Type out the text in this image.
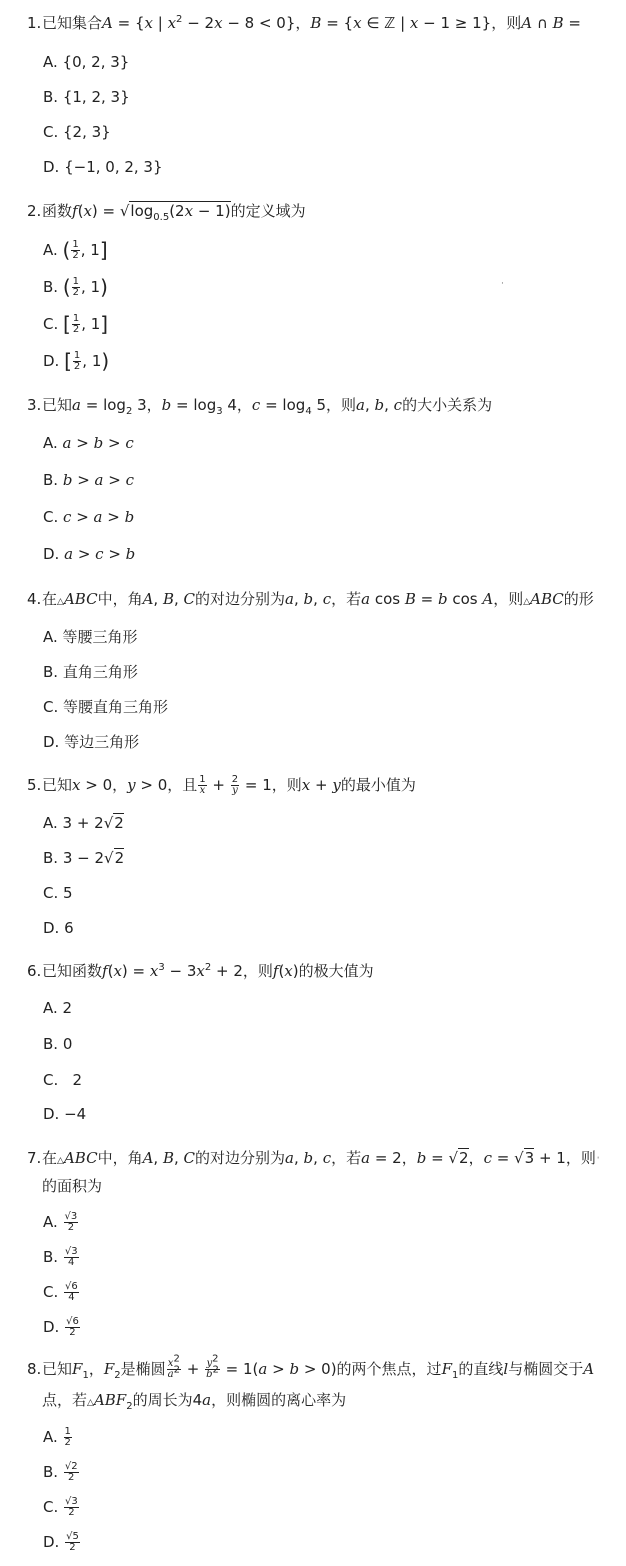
1.已知集合A = {x | $x^2 - 2x - 8 < 0$}，B = {x ∈ ℤ | x − 1 ≥ 1}，则A ∩ B =
A. {0, 2, 3}
B. {1, 2, 3}
C. {2, 3}
D. {−1, 0, 2, 3}
2.函数$f(x) = √\log_{0.5}(2x - 1)$的定义域为
A. ( $\frac{1}{2}$ , 1]
B. ( $\frac{1}{2}$ , 1)
C. [ $\frac{1}{2}$ , 1]
D. [ $\frac{1}{2}$ , 1)
·
3.已知$a = \log_2 3$，$b = \log_3 4$，$c = \log_4 5$，则a, b, c的大小关系为
A. a > b > c
B. b > a > c
C. c > a > b
D. a > c > b
4.在△ABC中，角A, B, C的对边分别为a, b, c，若a cos B = b cos A，则△ABC的形
A. 等腰三角形
B. 直角三角形
C. 等腰直角三角形
D. 等边三角形
5.已知x > 0，y > 0，且 $\frac{1}{x} + \frac{2}{y} = 1$，则x + y的最小值为
A. 3 + 2√2
B. 3 − 2√2
C. 5
D. 6
6.已知函数$f(x) = x^3 - 3x^2 + 2$，则f(x)的极大值为
A. 2
B. 0
C.   2
D. −4
7.在△ABC中，角A, B, C的对边分别为a, b, c，若a = 2，b = √2，c = √3 + 1，则·
的面积为
A. $\frac{√3}{2}$
B. $\frac{√3}{4}$
C. $\frac{√6}{4}$
D. $\frac{√6}{2}$
8.已知$F_1$，$F_2$是椭圆 $\frac{x^2}{a^2} + \frac{y^2}{b^2} = 1(a > b > 0)$的两个焦点，过$F_1$的直线l与椭圆交于A
点，若$\triangle ABF_2$的周长为4a，则椭圆的离心率为
A. $\frac{1}{2}$
B. $\frac{√2}{2}$
C. $\frac{√3}{2}$
D. $\frac{√5}{2}$
